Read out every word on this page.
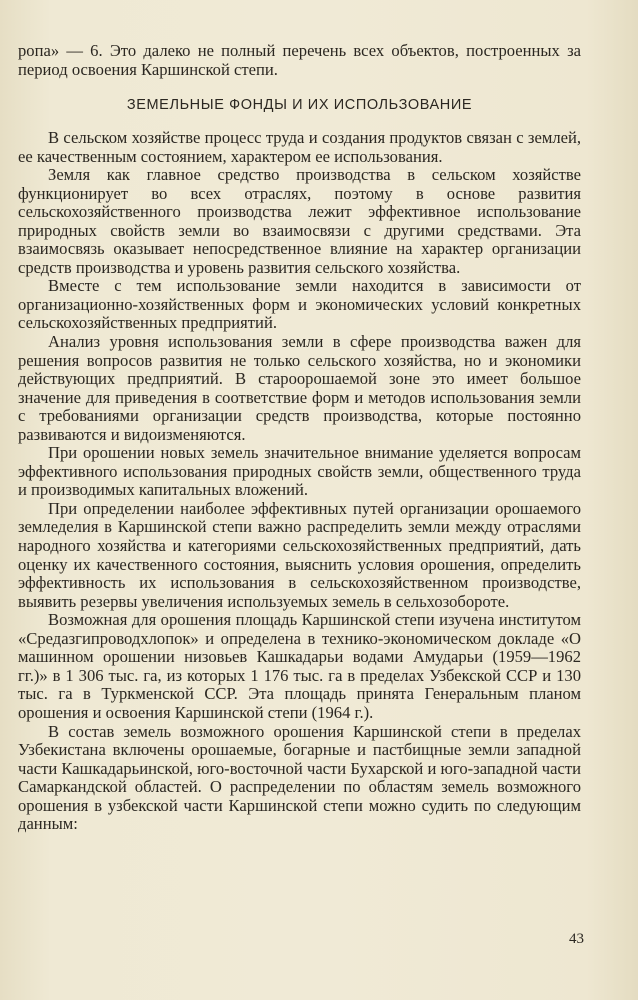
ропа» — 6. Это далеко не полный перечень всех объектов, построенных за период освоения Каршинской степи.

ЗЕМЕЛЬНЫЕ ФОНДЫ И ИХ ИСПОЛЬЗОВАНИЕ

В сельском хозяйстве процесс труда и создания продуктов связан с землей, ее качественным состоянием, характером ее использования.

Земля как главное средство производства в сельском хозяйстве функционирует во всех отраслях, поэтому в основе развития сельскохозяйственного производства лежит эффективное использование природных свойств земли во взаимосвязи с другими средствами. Эта взаимосвязь оказывает непосредственное влияние на характер организации средств производства и уровень развития сельского хозяйства.

Вместе с тем использование земли находится в зависимости от организационно-хозяйственных форм и экономических условий конкретных сельскохозяйственных предприятий.

Анализ уровня использования земли в сфере производства важен для решения вопросов развития не только сельского хозяйства, но и экономики действующих предприятий. В староорошаемой зоне это имеет большое значение для приведения в соответствие форм и методов использования земли с требованиями организации средств производства, которые постоянно развиваются и видоизменяются.

При орошении новых земель значительное внимание уделяется вопросам эффективного использования природных свойств земли, общественного труда и производимых капитальных вложений.

При определении наиболее эффективных путей организации орошаемого земледелия в Каршинской степи важно распределить земли между отраслями народного хозяйства и категориями сельскохозяйственных предприятий, дать оценку их качественного состояния, выяснить условия орошения, определить эффективность их использования в сельскохозяйственном производстве, выявить резервы увеличения используемых земель в сельхозобороте.

Возможная для орошения площадь Каршинской степи изучена институтом «Средазгипроводхлопок» и определена в технико-экономическом докладе «О машинном орошении низовьев Кашкадарьи водами Амударьи (1959—1962 гг.)» в 1 306 тыс. га, из которых 1 176 тыс. га в пределах Узбекской ССР и 130 тыс. га в Туркменской ССР. Эта площадь принята Генеральным планом орошения и освоения Каршинской степи (1964 г.).

В состав земель возможного орошения Каршинской степи в пределах Узбекистана включены орошаемые, богарные и пастбищные земли западной части Кашкадарьинской, юго-восточной части Бухарской и юго-западной части Самаркандской областей. О распределении по областям земель возможного орошения в узбекской части Каршинской степи можно судить по следующим данным:

43
